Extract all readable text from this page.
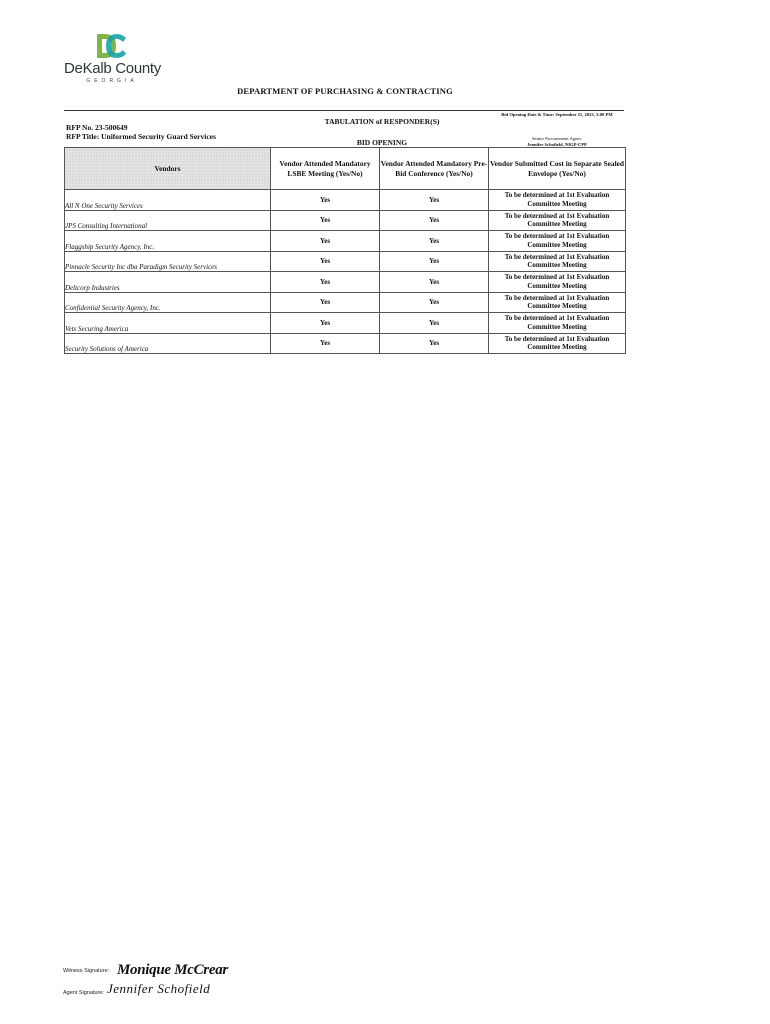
DeKalb County
GEORGIA
DEPARTMENT OF PURCHASING & CONTRACTING
RFP No. 23-500649
RFP Title: Uniformed Security Guard Services
TABULATION of RESPONDER(S)
BID OPENING
Bid Opening Date & Time: September 21, 2023, 3:00 PM
Senior Procurement Agent:
Jennifer Schofield, NIGP-CPP
Vendors	Vendor Attended Mandatory LSBE Meeting (Yes/No)	Vendor Attended Mandatory Pre-Bid Conference (Yes/No)	Vendor Submitted Cost in Separate Sealed Envelope (Yes/No)
All N One Security Services	Yes	Yes	To be determined at 1st Evaluation Committee Meeting
JPS Consulting International	Yes	Yes	To be determined at 1st Evaluation Committee Meeting
Flaggship Security Agency, Inc.	Yes	Yes	To be determined at 1st Evaluation Committee Meeting
Pinnacle Security Inc dba Paradigm Security Services	Yes	Yes	To be determined at 1st Evaluation Committee Meeting
Deltcorp Industries	Yes	Yes	To be determined at 1st Evaluation Committee Meeting
Confidential Security Agency, Inc.	Yes	Yes	To be determined at 1st Evaluation Committee Meeting
Vets Securing America	Yes	Yes	To be determined at 1st Evaluation Committee Meeting
Security Solutions of America	Yes	Yes	To be determined at 1st Evaluation Committee Meeting
Witness Signature: Monique McCrear
Agent Signature: Jennifer Schofield
